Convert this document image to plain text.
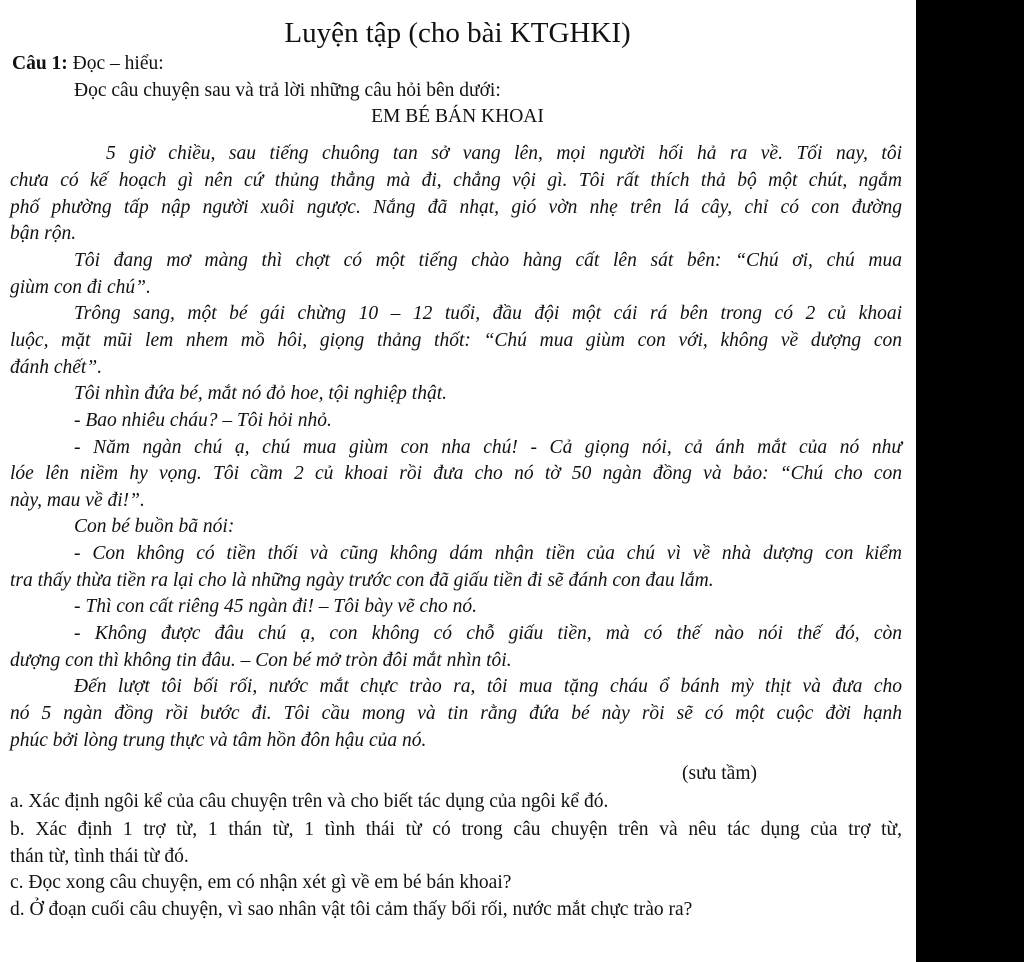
Luyện tập (cho bài KTGHKI)
Câu 1: Đọc – hiểu:
Đọc câu chuyện sau và trả lời những câu hỏi bên dưới:
EM BÉ BÁN KHOAI
5 giờ chiều, sau tiếng chuông tan sở vang lên, mọi người hối hả ra về. Tối nay, tôi
chưa có kế hoạch gì nên cứ thủng thẳng mà đi, chẳng vội gì. Tôi rất thích thả bộ một chút, ngắm
phố phường tấp nập người xuôi ngược. Nắng đã nhạt, gió vờn nhẹ trên lá cây, chỉ có con đường
bận rộn.
Tôi đang mơ màng thì chợt có một tiếng chào hàng cất lên sát bên: “Chú ơi, chú mua
giùm con đi chú”.
Trông sang, một bé gái chừng 10 – 12 tuổi, đầu đội một cái rá bên trong có 2 củ khoai
luộc, mặt mũi lem nhem mồ hôi, giọng thảng thốt: “Chú mua giùm con với, không về dượng con
đánh chết”.
Tôi nhìn đứa bé, mắt nó đỏ hoe, tội nghiệp thật.
- Bao nhiêu cháu? – Tôi hỏi nhỏ.
- Năm ngàn chú ạ, chú mua giùm con nha chú! - Cả giọng nói, cả ánh mắt của nó như
lóe lên niềm hy vọng. Tôi cầm 2 củ khoai rồi đưa cho nó tờ 50 ngàn đồng và bảo: “Chú cho con
này, mau về đi!”.
Con bé buồn bã nói:
- Con không có tiền thối và cũng không dám nhận tiền của chú vì về nhà dượng con kiểm
tra thấy thừa tiền ra lại cho là những ngày trước con đã giấu tiền đi sẽ đánh con đau lắm.
- Thì con cất riêng 45 ngàn đi! – Tôi bày vẽ cho nó.
- Không được đâu chú ạ, con không có chỗ giấu tiền, mà có thế nào nói thế đó, còn
dượng con thì không tin đâu. – Con bé mở tròn đôi mắt nhìn tôi.
Đến lượt tôi bối rối, nước mắt chực trào ra, tôi mua tặng cháu ổ bánh mỳ thịt và đưa cho
nó 5 ngàn đồng rồi bước đi. Tôi cầu mong và tin rằng đứa bé này rồi sẽ có một cuộc đời hạnh
phúc bởi lòng trung thực và tâm hồn đôn hậu của nó.
(sưu tầm)
a. Xác định ngôi kể của câu chuyện trên và cho biết tác dụng của ngôi kể đó.
b. Xác định 1 trợ từ, 1 thán từ, 1 tình thái từ có trong câu chuyện trên và nêu tác dụng của trợ từ,
thán từ, tình thái từ đó.
c. Đọc xong câu chuyện, em có nhận xét gì về em bé bán khoai?
d. Ở đoạn cuối câu chuyện, vì sao nhân vật tôi cảm thấy bối rối, nước mắt chực trào ra?
